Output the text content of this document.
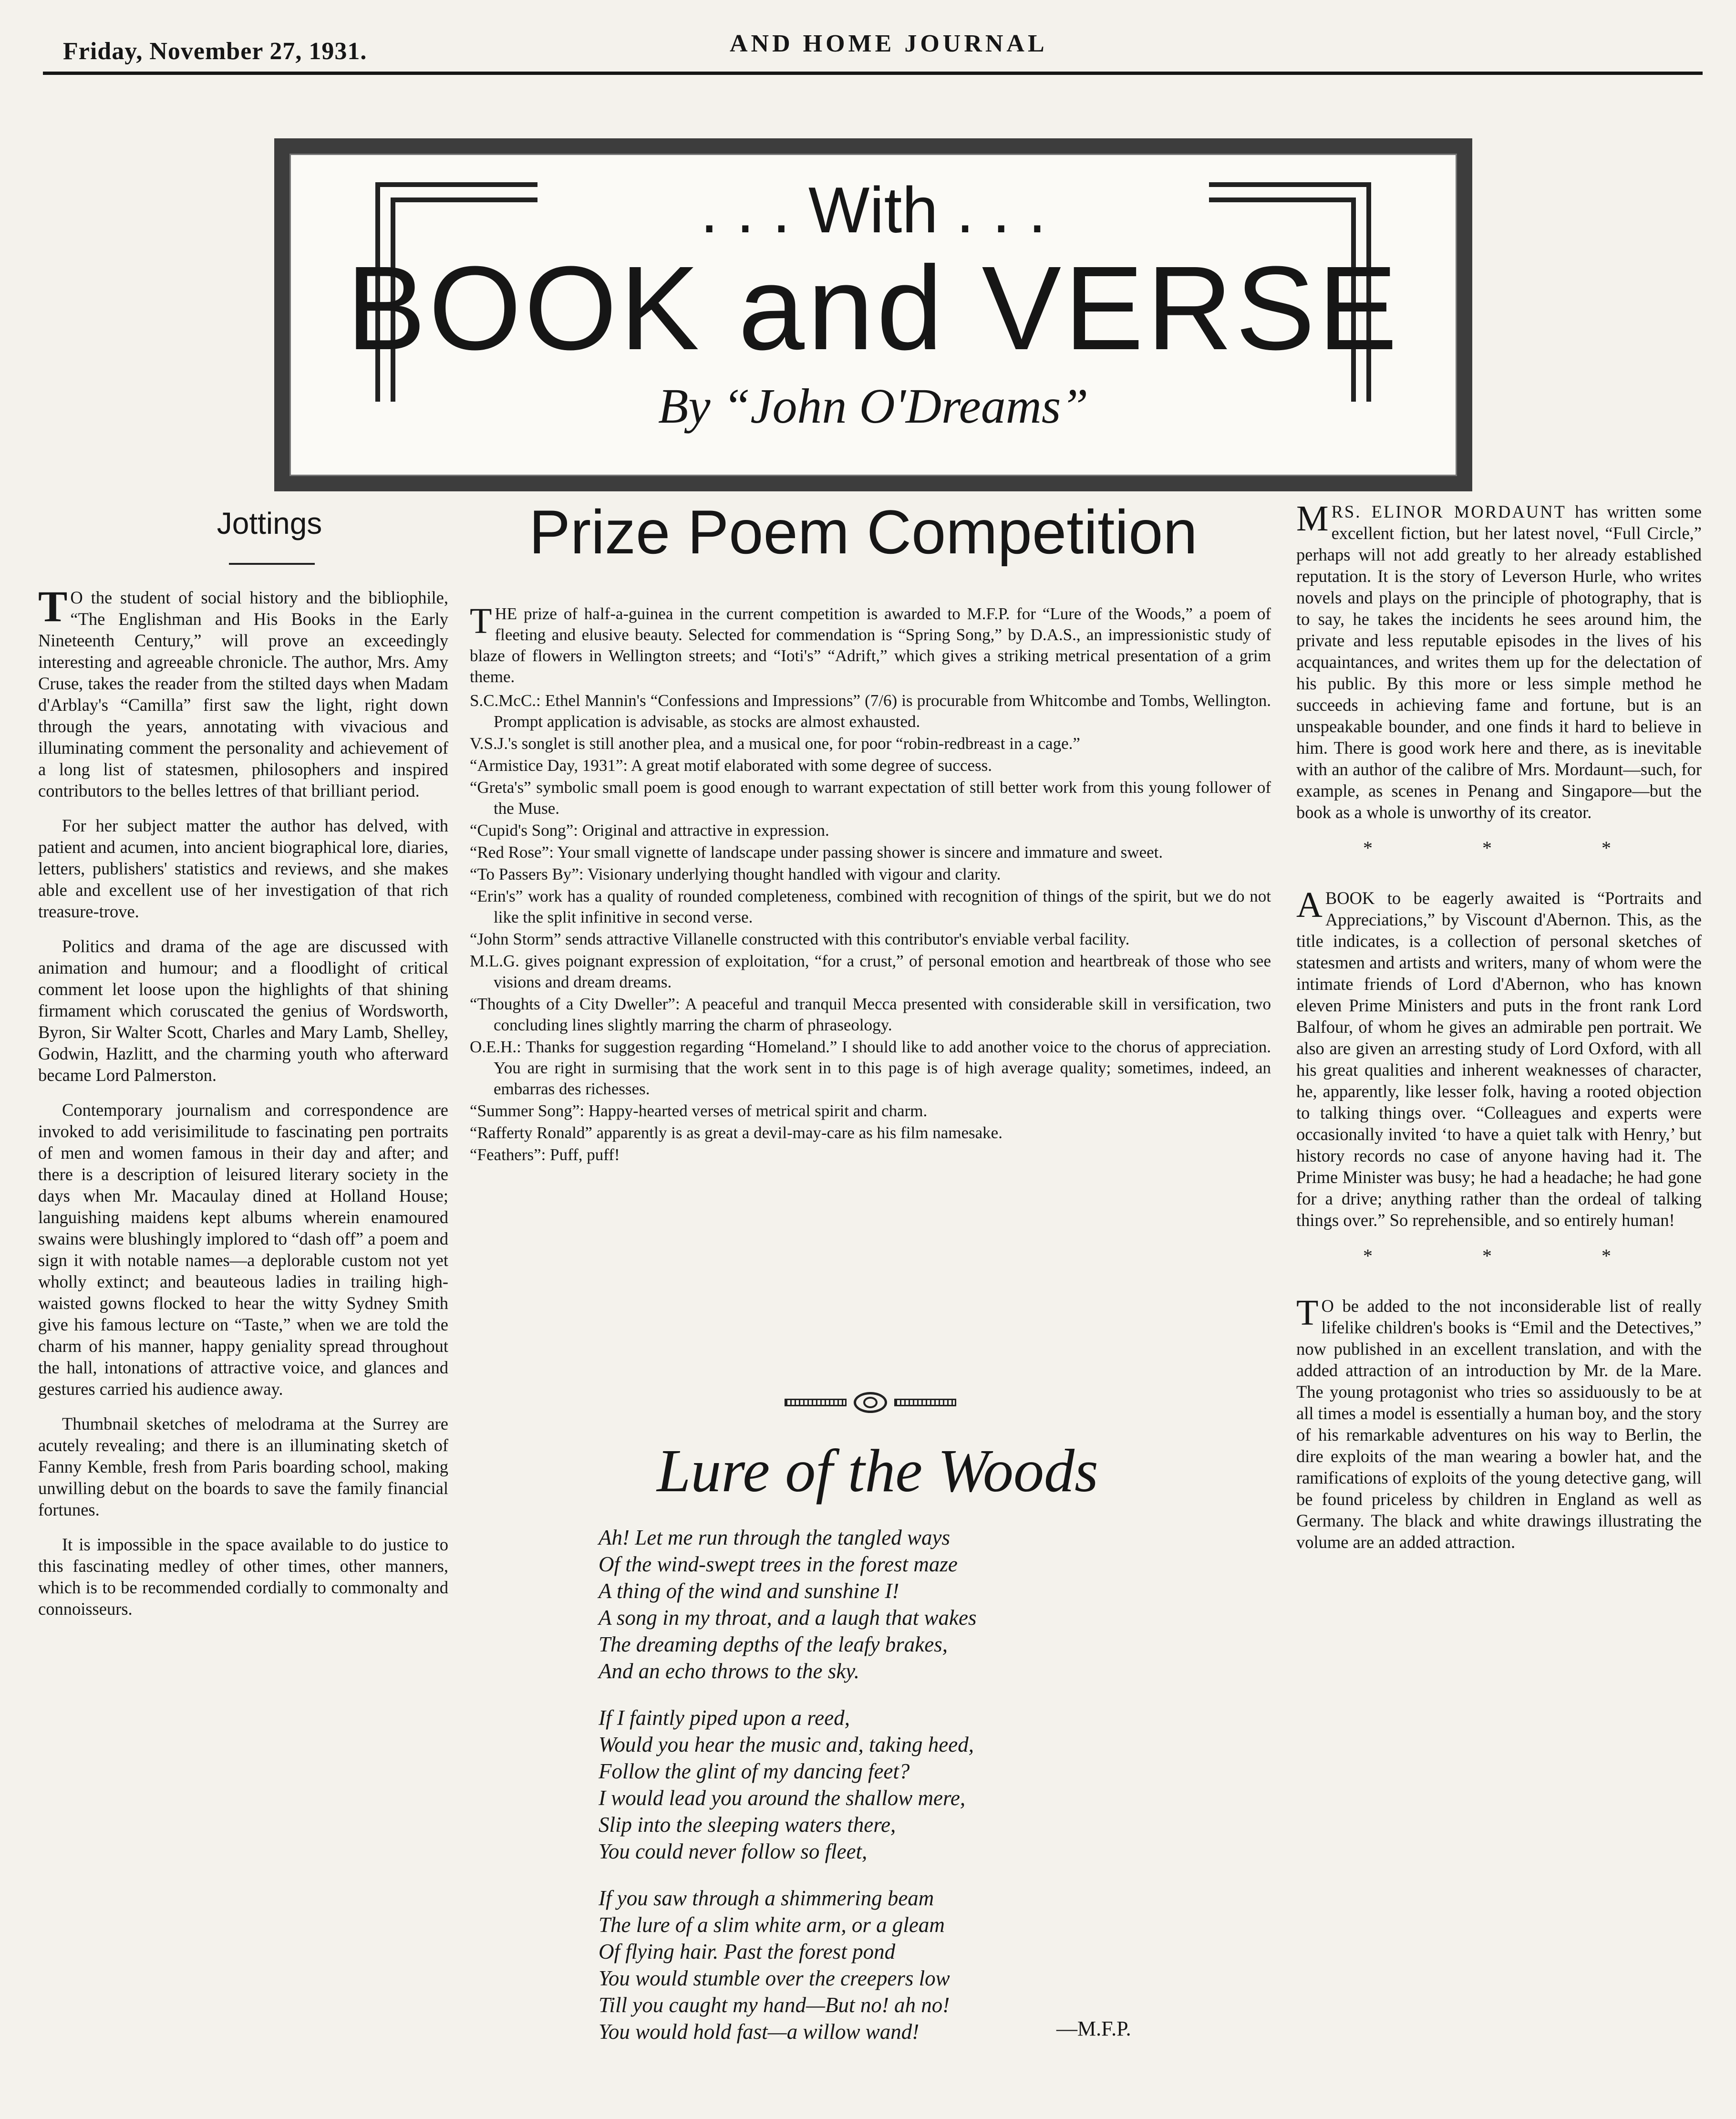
Friday, November 27, 1931.	AND HOME JOURNAL
. . . With . . .
BOOK and VERSE
By “John O'Dreams”
Jottings	Prize Poem Competition

T O the student of social history and the bibliophile, “The Englishman and His Books in the Early Nineteenth Century,” will prove an exceedingly interesting and agreeable chronicle. The author, Mrs. Amy Cruse, takes the reader from the stilted days when Madam d'Arblay's “Camilla” first saw the light, right down through the years, annotating with vivacious and illuminating comment the personality and achievement of a long list of statesmen, philosophers and inspired contributors to the belles lettres of that brilliant period.

For her subject matter the author has delved, with patient and acumen, into ancient biographical lore, diaries, letters, publishers' statistics and reviews, and she makes able and excellent use of her investigation of that rich treasure-trove.

Politics and drama of the age are discussed with animation and humour; and a floodlight of critical comment let loose upon the highlights of that shining firmament which coruscated the genius of Wordsworth, Byron, Sir Walter Scott, Charles and Mary Lamb, Shelley, Godwin, Hazlitt, and the charming youth who afterward became Lord Palmerston.

Contemporary journalism and correspondence are invoked to add verisimilitude to fascinating pen portraits of men and women famous in their day and after; and there is a description of leisured literary society in the days when Mr. Macaulay dined at Holland House; languishing maidens kept albums wherein enamoured swains were blushingly implored to “dash off” a poem and sign it with notable names—a deplorable custom not yet wholly extinct; and beauteous ladies in trailing high-waisted gowns flocked to hear the witty Sydney Smith give his famous lecture on “Taste,” when we are told the charm of his manner, happy geniality spread throughout the hall, intonations of attractive voice, and glances and gestures carried his audience away.

Thumbnail sketches of melodrama at the Surrey are acutely revealing; and there is an illuminating sketch of Fanny Kemble, fresh from Paris boarding school, making unwilling debut on the boards to save the family financial fortunes.

It is impossible in the space available to do justice to this fascinating medley of other times, other manners, which is to be recommended cordially to commonalty and connoisseurs.

THE prize of half-a-guinea in the current competition is awarded to M.F.P. for “Lure of the Woods,” a poem of fleeting and elusive beauty. Selected for commendation is “Spring Song,” by D.A.S., an impressionistic study of blaze of flowers in Wellington streets; and “Ioti's” “Adrift,” which gives a striking metrical presentation of a grim theme.

S.C.McC.: Ethel Mannin's “Confessions and Impressions” (7/6) is procurable from Whitcombe and Tombs, Wellington. Prompt application is advisable, as stocks are almost exhausted.
V.S.J.'s songlet is still another plea, and a musical one, for poor “robin-redbreast in a cage.”
“Armistice Day, 1931”: A great motif elaborated with some degree of success.
“Greta's” symbolic small poem is good enough to warrant expectation of still better work from this young follower of the Muse.
“Cupid's Song”: Original and attractive in expression.
“Red Rose”: Your small vignette of landscape under passing shower is sincere and immature and sweet.
“To Passers By”: Visionary underlying thought handled with vigour and clarity.
“Erin's” work has a quality of rounded completeness, combined with recognition of things of the spirit, but we do not like the split infinitive in second verse.
“John Storm” sends attractive Villanelle constructed with this contributor's enviable verbal facility.
M.L.G. gives poignant expression of exploitation, “for a crust,” of personal emotion and heartbreak of those who see visions and dream dreams.
“Thoughts of a City Dweller”: A peaceful and tranquil Mecca presented with considerable skill in versification, two concluding lines slightly marring the charm of phraseology.
O.E.H.: Thanks for suggestion regarding “Homeland.” I should like to add another voice to the chorus of appreciation. You are right in surmising that the work sent in to this page is of high average quality; sometimes, indeed, an embarras des richesses.
“Summer Song”: Happy-hearted verses of metrical spirit and charm.
“Rafferty Ronald” apparently is as great a devil-may-care as his film namesake.
“Feathers”: Puff, puff!
Lure of the Woods
Ah! Let me run through the tangled ways
Of the wind-swept trees in the forest maze
A thing of the wind and sunshine I!
A song in my throat, and a laugh that wakes
The dreaming depths of the leafy brakes,
And an echo throws to the sky.
If I faintly piped upon a reed,
Would you hear the music and, taking heed,
Follow the glint of my dancing feet?
I would lead you around the shallow mere,
Slip into the sleeping waters there,
You could never follow so fleet,
If you saw through a shimmering beam
The lure of a slim white arm, or a gleam
Of flying hair. Past the forest pond
You would stumble over the creepers low
Till you caught my hand—But no! ah no!
You would hold fast—a willow wand!	—M.F.P.

MRS. ELINOR MORDAUNT has written some excellent fiction, but her latest novel, “Full Circle,” perhaps will not add greatly to her already established reputation. It is the story of Leverson Hurle, who writes novels and plays on the principle of photography, that is to say, he takes the incidents he sees around him, the private and less reputable episodes in the lives of his acquaintances, and writes them up for the delectation of his public. By this more or less simple method he succeeds in achieving fame and fortune, but is an unspeakable bounder, and one finds it hard to believe in him. There is good work here and there, as is inevitable with an author of the calibre of Mrs. Mordaunt—such, for example, as scenes in Penang and Singapore—but the book as a whole is unworthy of its creator.

* * *

ABOOK to be eagerly awaited is “Portraits and Appreciations,” by Viscount d'Abernon. This, as the title indicates, is a collection of personal sketches of statesmen and artists and writers, many of whom were the intimate friends of Lord d'Abernon, who has known eleven Prime Ministers and puts in the front rank Lord Balfour, of whom he gives an admirable pen portrait. We also are given an arresting study of Lord Oxford, with all his great qualities and inherent weaknesses of character, he, apparently, like lesser folk, having a rooted objection to talking things over. “Colleagues and experts were occasionally invited ‘to have a quiet talk with Henry,’ but history records no case of anyone having had it. The Prime Minister was busy; he had a headache; he had gone for a drive; anything rather than the ordeal of talking things over.” So reprehensible, and so entirely human!

* * *

T O be added to the not inconsiderable list of really lifelike children's books is “Emil and the Detectives,” now published in an excellent translation, and with the added attraction of an introduction by Mr. de la Mare. The young protagonist who tries so assiduously to be at all times a model is essentially a human boy, and the story of his remarkable adventures on his way to Berlin, the dire exploits of the man wearing a bowler hat, and the ramifications of exploits of the young detective gang, will be found priceless by children in England as well as Germany. The black and white drawings illustrating the volume are an added attraction.
